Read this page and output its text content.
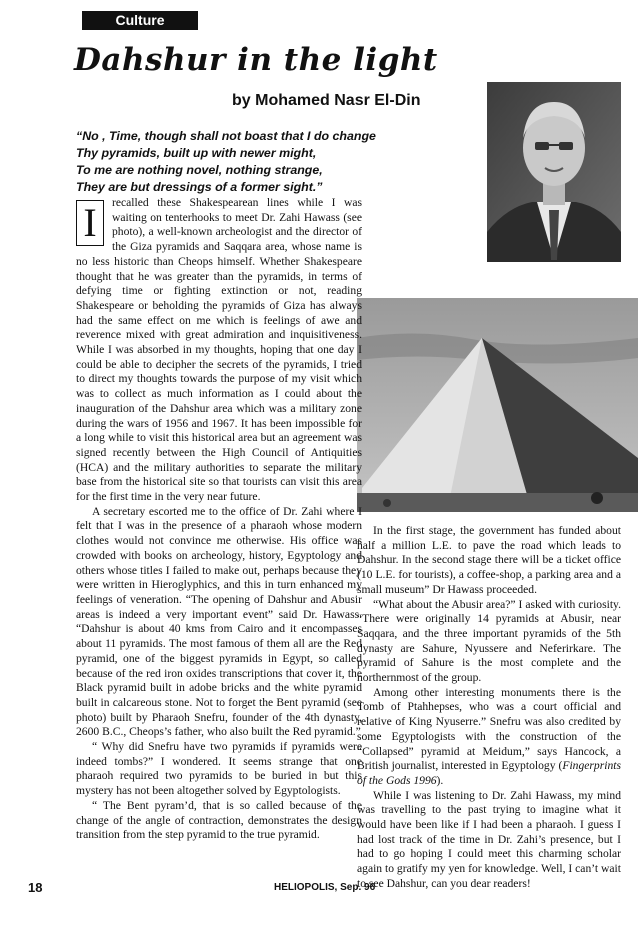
Culture
Dahshur in the light
by Mohamed Nasr El-Din
“No , Time, though shall not boast that I do change
Thy pyramids, built up with newer might,
To me are nothing novel, nothing strange,
They are but dressings of a former sight.”

I	recalled these Shakespearean lines while I was waiting on tenterhooks to meet Dr. Zahi Hawass (see photo), a well-known archeologist and the director of the Giza pyramids and Saqqara area, whose name is no less historic than Cheops himself. Whether Shakespeare thought that he was greater than the pyramids, in terms of defying time or fighting extinction or not, reading Shakespeare or beholding the pyramids of Giza has always had the same effect on me which is feelings of awe and reverence mixed with great admiration and inquisitiveness. While I was absorbed in my thoughts, hoping that one day I could be able to decipher the secrets of the pyramids, I tried to direct my thoughts towards the purpose of my visit which was to collect as much information as I could about the inauguration of the Dahshur area which was a military zone during the wars of 1956 and 1967. It has been impossible for a long while to visit this historical area but an agreement was signed recently between the High Council of Antiquities (HCA) and the military authorities to separate the military base from the historical site so that tourists can visit this area for the first time in the very near future.

A secretary escorted me to the office of Dr. Zahi where I felt that I was in the presence of a pharaoh whose modern clothes would not convince me otherwise. His office was crowded with books on archeology, history, Egyptology and others whose titles I failed to make out, perhaps because they were written in Hieroglyphics, and this in turn enhanced my feelings of veneration. “The opening of Dahshur and Abusir areas is indeed a very important event” said Dr. Hawass. “Dahshur is about 40 kms from Cairo and it encompasses about 11 pyramids. The most famous of them all are the Red pyramid, one of the biggest pyramids in Egypt, so called because of the red iron oxides transcriptions that cover it, the Black pyramid built in adobe bricks and the white pyramid built in calcareous stone. Not to forget the Bent pyramid (see photo) built by Pharaoh Snefru, founder of the 4th dynasty, 2600 B.C., Cheops’s father, who also built the Red pyramid.”

“ Why did Snefru have two pyramids if pyramids were indeed tombs?” I wondered. It seems strange that one pharaoh required two pyramids to be buried in but this mystery has not been altogether solved by Egyptologists.

“ The Bent pyram’d, that is so called because of the change of the angle of contraction, demonstrates the design transition from the step pyramid to the true pyramid.

In the first stage, the government has funded about half a million L.E. to pave the road which leads to Dahshur. In the second stage there will be a ticket office (10 L.E. for tourists), a coffee-shop, a parking area and a small museum” Dr Hawass proceeded.

“What about the Abusir area?” I asked with curiosity. “There were originally 14 pyramids at Abusir, near Saqqara, and the three important pyramids of the 5th dynasty are Sahure, Nyussere and Neferirkare. The pyramid of Sahure is the most complete and the northernmost of the group.

Among other interesting monuments there is the Tomb of Ptahhepses, who was a court official and relative of King Nyuserre.” Snefru was also credited by some Egyptologists with the construction of the “Collapsed” pyramid at Meidum,” says Hancock, a British journalist, interested in Egyptology (Fingerprints of the Gods 1996).

While I was listening to Dr. Zahi Hawass, my mind was travelling to the past trying to imagine what it would have been like if I had been a pharaoh. I guess I had lost track of the time in Dr. Zahi’s presence, but I had to go hoping I could meet this charming scholar again to gratify my yen for knowledge. Well, I can’t wait to see Dahshur, can you dear readers!

18	HELIOPOLIS, Sep. 96
